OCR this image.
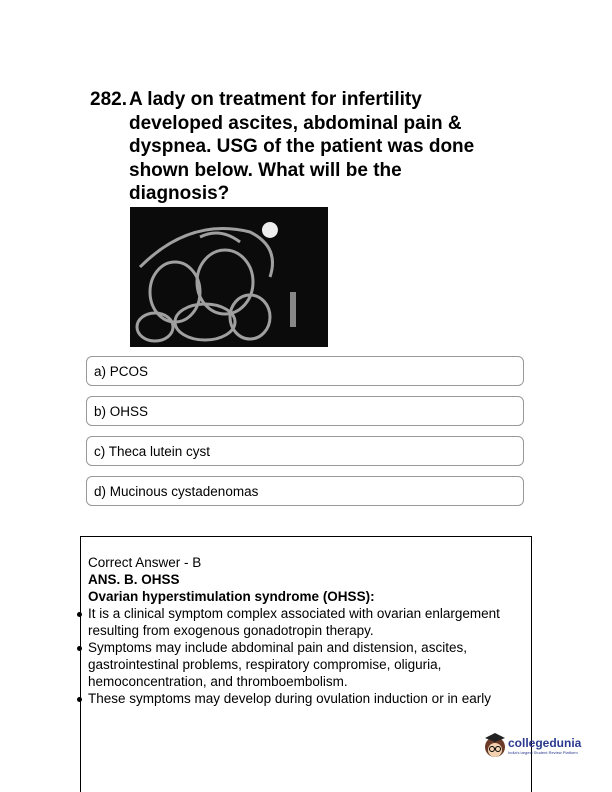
282. A lady on treatment for infertility developed ascites, abdominal pain & dyspnea. USG of the patient was done shown below. What will be the diagnosis?
a) PCOS
b) OHSS
c) Theca lutein cyst
d) Mucinous cystadenomas

Correct Answer - B

ANS. B. OHSS

Ovarian hyperstimulation syndrome (OHSS):

It is a clinical symptom complex associated with ovarian enlargement resulting from exogenous gonadotropin therapy.

Symptoms may include abdominal pain and distension, ascites, gastrointestinal problems, respiratory compromise, oliguria, hemoconcentration, and thromboembolism.

These symptoms may develop during ovulation induction or in early

collegedunia
India's largest Student Review Platform
